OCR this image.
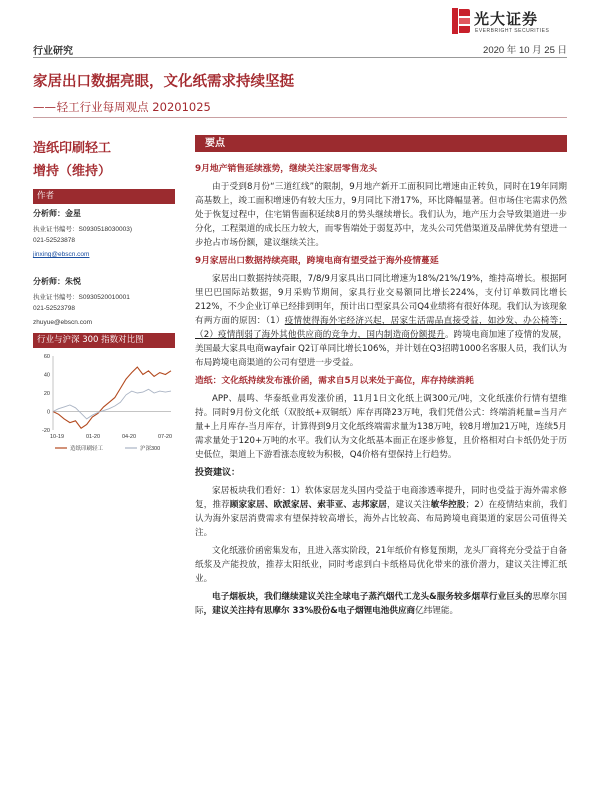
光大证券
EVERBRIGHT SECURITIES
行业研究	2020 年 10 月 25 日
家居出口数据亮眼，文化纸需求持续坚挺
—— 轻工行业每周观点 20201025
造纸印刷轻工
增持（维持）
作者
分析师：金星
执业证书编号：S0930518030003)
021-52523878
jinxing@ebscn.com
分析师：朱悦
执业证书编号：S0930520010001
021-52523798
zhuyue@ebscn.com
行业与沪深 300 指数对比图
60
40
20
0
-20
10-19	01-20	04-20	07-20
造纸印刷轻工	沪深300
要点

9月地产销售延续涨势，继续关注家居零售龙头

由于受到8月份“三道红线”的限制，9月地产新开工面积同比增速由正转负，同时在19年同期高基数上，竣工面积增速仍有较大压力，9月同比下滑17%，环比降幅显著。但市场住宅需求仍然处于恢复过程中，住宅销售面积延续8月的势头继续增长。我们认为，地产压力会导致渠道进一步分化，工程渠道的成长压力较大，而零售端处于弱复苏中，龙头公司凭借渠道及品牌优势有望进一步抢占市场份额，建议继续关注。

9月家居出口数据持续亮眼，跨境电商有望受益于海外疫情蔓延

家居出口数据持续亮眼，7/8/9月家具出口同比增速为18%/21%/19%，维持高增长。根据阿里巴巴国际站数据，9月采购节期间，家具行业交易额同比增长224%，支付订单数同比增长212%，不少企业订单已经排到明年，预计出口型家具公司Q4业绩将有很好体现。我们认为该现象有两方面的原因：（1）疫情使得海外宅经济兴起，居家生活需品直接受益，如沙发、办公椅等；（2）疫情削弱了海外其他供应商的竞争力，国内制造商份额提升。跨境电商加速了疫情的发展，美国最大家具电商wayfair Q2订单同比增长106%，并计划在Q3招聘1000名客服人员，我们认为布局跨境电商渠道的公司有望进一步受益。

造纸：文化纸持续发布涨价函，需求自5月以来处于高位，库存持续消耗

APP、晨鸣、华泰纸业再发涨价函，11月1日文化纸上调300元/吨，文化纸涨价行情有望维持。同时9月份文化纸（双胶纸+双铜纸）库存再降23万吨，我们凭借公式：终端消耗量=当月产量+上月库存-当月库存，计算得到9月文化纸终端需求量为138万吨，较8月增加21万吨，连续5月需求量处于120+万吨的水平。我们认为文化纸基本面正在逐步修复，且价格相对白卡纸仍处于历史低位，渠道上下游看涨态度较为积极，Q4价格有望保持上行趋势。

投资建议：

家居板块我们看好：1）软体家居龙头国内受益于电商渗透率提升，同时也受益于海外需求修复，推荐顾家家居、欧派家居、索菲亚、志邦家居，建议关注敏华控股；2）在疫情结束前，我们认为海外家居消费需求有望保持较高增长，海外占比较高、布局跨境电商渠道的家居公司值得关注。

文化纸涨价函密集发布，且进入落实阶段，21年纸价有修复预期，龙头厂商将充分受益于自备纸浆及产能投放，推荐太阳纸业，同时考虑到白卡纸格局优化带来的涨价潜力，建议关注博汇纸业。

电子烟板块，我们继续建议关注全球电子蒸汽烟代工龙头&服务较多烟草行业巨头的思摩尔国际，建议关注持有思摩尔 33%股份&电子烟锂电池供应商亿纬锂能。
